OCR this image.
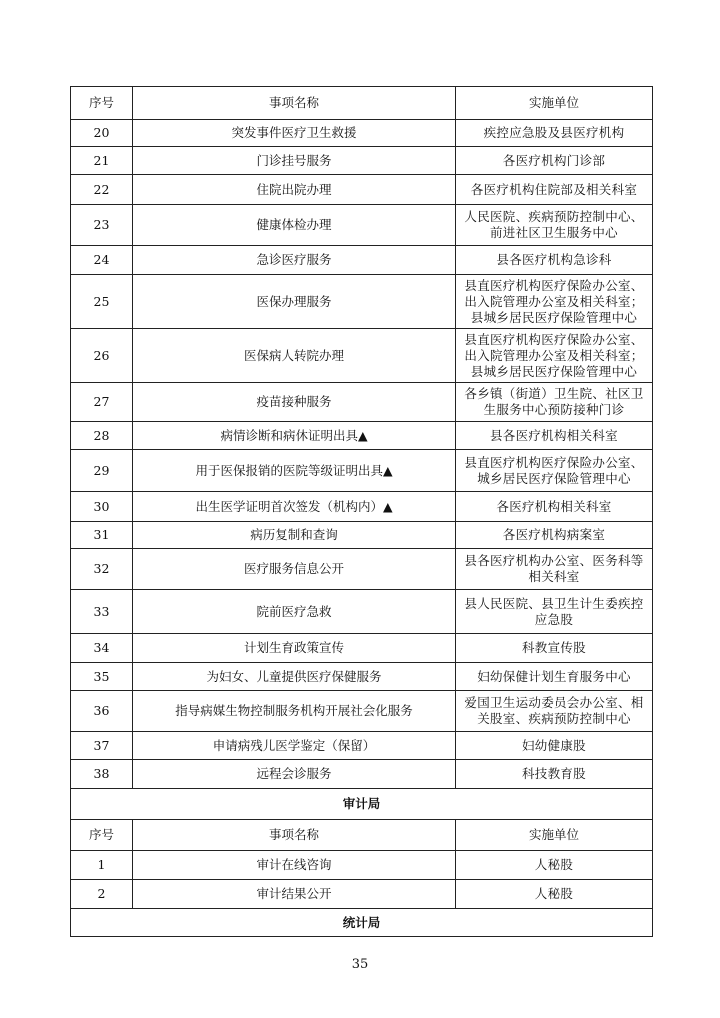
序号	事项名称	实施单位
20	突发事件医疗卫生救援	疾控应急股及县医疗机构
21	门诊挂号服务	各医疗机构门诊部
22	住院出院办理	各医疗机构住院部及相关科室
23	健康体检办理	人民医院、疾病预防控制中心、前进社区卫生服务中心
24	急诊医疗服务	县各医疗机构急诊科
25	医保办理服务	县直医疗机构医疗保险办公室、出入院管理办公室及相关科室；县城乡居民医疗保险管理中心
26	医保病人转院办理	县直医疗机构医疗保险办公室、出入院管理办公室及相关科室；县城乡居民医疗保险管理中心
27	疫苗接种服务	各乡镇（街道）卫生院、社区卫生服务中心预防接种门诊
28	病情诊断和病休证明出具▲	县各医疗机构相关科室
29	用于医保报销的医院等级证明出具▲	县直医疗机构医疗保险办公室、城乡居民医疗保险管理中心
30	出生医学证明首次签发（机构内）▲	各医疗机构相关科室
31	病历复制和查询	各医疗机构病案室
32	医疗服务信息公开	县各医疗机构办公室、医务科等相关科室
33	院前医疗急救	县人民医院、县卫生计生委疾控应急股
34	计划生育政策宣传	科教宣传股
35	为妇女、儿童提供医疗保健服务	妇幼保健计划生育服务中心
36	指导病媒生物控制服务机构开展社会化服务	爱国卫生运动委员会办公室、相关股室、疾病预防控制中心
37	申请病残儿医学鉴定（保留）	妇幼健康股
38	远程会诊服务	科技教育股
审计局		
序号	事项名称	实施单位
1	审计在线咨询	人秘股
2	审计结果公开	人秘股
统计局		
35
